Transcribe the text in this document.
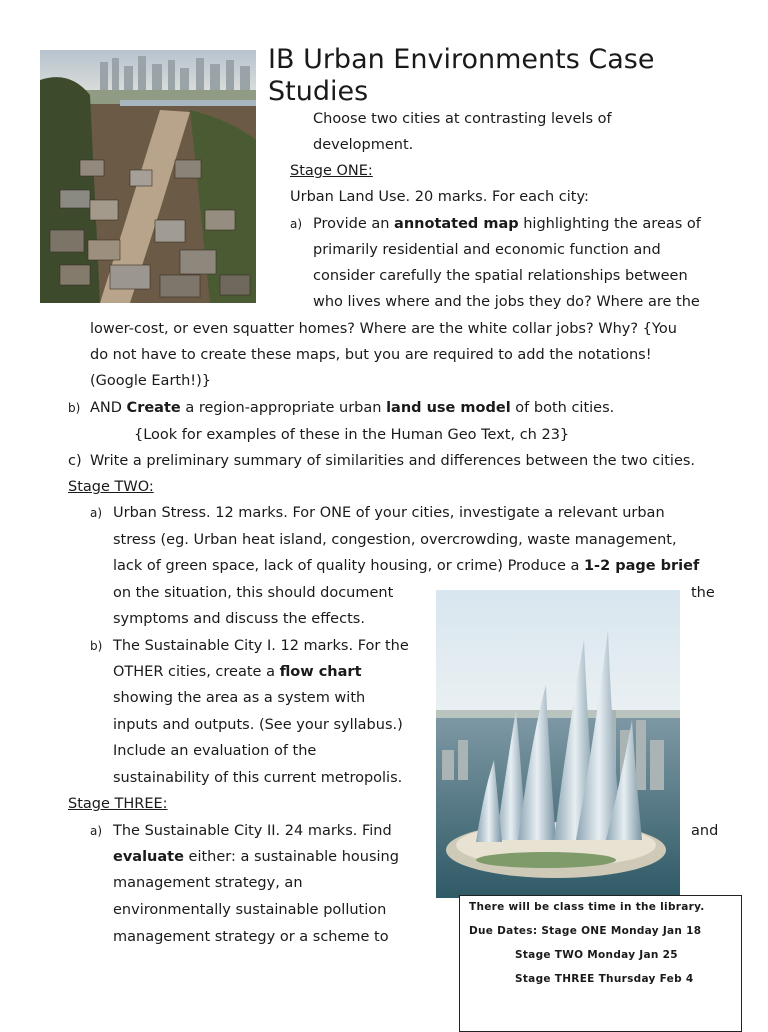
IB Urban Environments Case
Studies
Choose two cities at contrasting levels of
development.
Stage ONE:
Urban Land Use. 20 marks. For each city:
a) Provide an annotated map highlighting the areas of
primarily residential and economic function and
consider carefully the spatial relationships between
who lives where and the jobs they do? Where are the
lower-cost, or even squatter homes? Where are the white collar jobs? Why? {You
do not have to create these maps, but you are required to add the notations!
(Google Earth!)}
b) AND Create a region-appropriate urban land use model of both cities.
{Look for examples of these in the Human Geo Text, ch 23}
c) Write a preliminary summary of similarities and differences between the two cities.
Stage TWO:
a) Urban Stress. 12 marks. For ONE of your cities, investigate a relevant urban
stress (eg. Urban heat island, congestion, overcrowding, waste management,
lack of green space, lack of quality housing, or crime) Produce a 1-2 page brief
on the situation, this should document	the
symptoms and discuss the effects.
b) The Sustainable City I. 12 marks. For the
OTHER cities, create a flow chart
showing the area as a system with
inputs and outputs. (See your syllabus.)
Include an evaluation of the
sustainability of this current metropolis.
Stage THREE:
a) The Sustainable City II. 24 marks. Find	and
evaluate either: a sustainable housing
management strategy, an
environmentally sustainable pollution
management strategy or a scheme to
There will be class time in the library.
Due Dates: Stage ONE Monday Jan 18
Stage TWO Monday Jan 25
Stage THREE Thursday Feb 4
